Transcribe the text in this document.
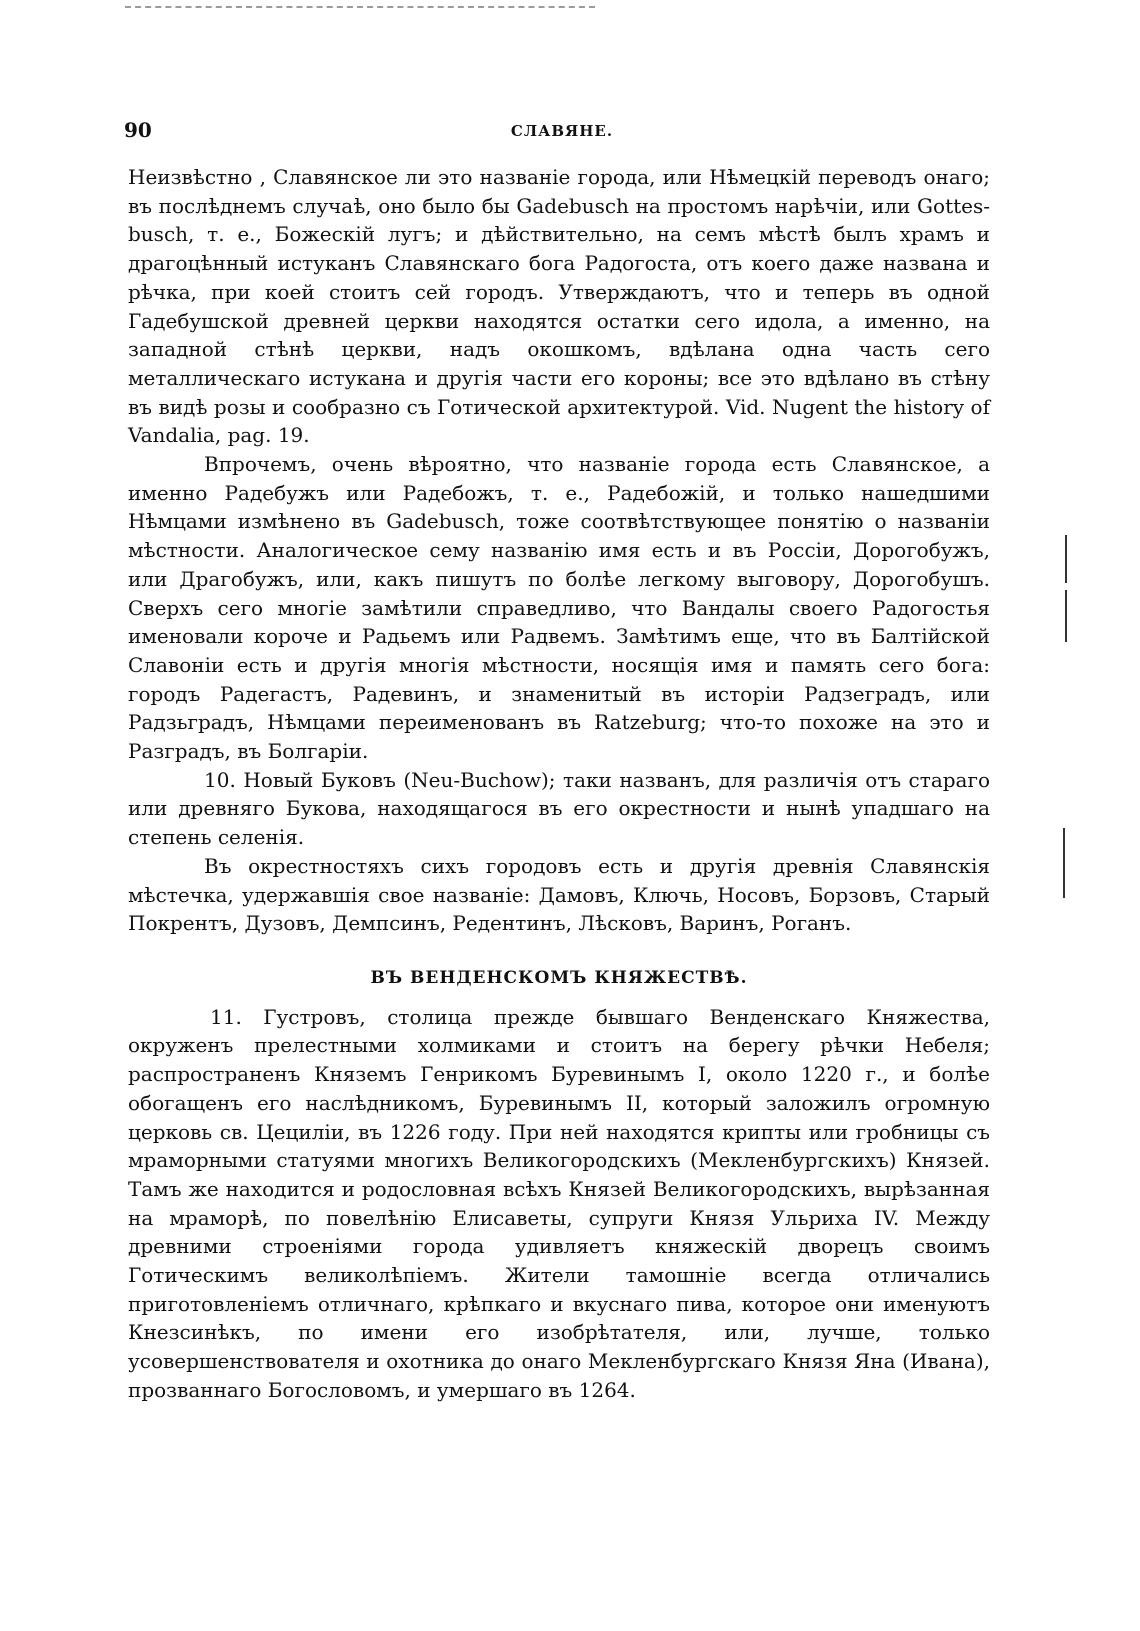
90	СЛАВЯНЕ.

Неизвѣстно , Славянское ли это названіе города, или Нѣмецкій переводъ онаго; въ послѣднемъ случаѣ, оно было бы Gadebusch на простомъ нарѣчіи, или Gottes-busch, т. е., Божескій лугъ; и дѣйствительно, на семъ мѣстѣ былъ храмъ и драгоцѣнный истуканъ Славянскаго бога Радогоста, отъ коего даже названа и рѣчка, при коей стоитъ сей городъ. Утверждаютъ, что и теперь въ одной Гадебушской древней церкви находятся остатки сего идола, а именно, на западной стѣнѣ церкви, надъ окошкомъ, вдѣлана одна часть сего металлическаго истукана и другія части его короны; все это вдѣлано въ стѣну въ видѣ розы и сообразно съ Готической архитектурой. Vid. Nugent the history of Vandalia, pag. 19.

Впрочемъ, очень вѣроятно, что названіе города есть Славянское, а именно Радебужъ или Радебожъ, т. е., Радебожій, и только нашедшими Нѣмцами измѣнено въ Gadebusch, тоже соотвѣтствующее понятію о названіи мѣстности. Аналогическое сему названію имя есть и въ Россіи, Дорогобужъ, или Драгобужъ, или, какъ пишутъ по болѣе легкому выговору, Дорогобушъ. Сверхъ сего многіе замѣтили справедливо, что Вандалы своего Радогостья именовали короче и Радьемъ или Радвемъ. Замѣтимъ еще, что въ Балтійской Славоніи есть и другія многія мѣстности, носящія имя и память сего бога: городъ Радегастъ, Радевинъ, и знаменитый въ исторіи Радзеградъ, или Радзьградъ, Нѣмцами переименованъ въ Ratzeburg; что-то похоже на это и Разградъ, въ Болгаріи.

10. Новый Буковъ (Neu-Buchow); таки названъ, для различія отъ стараго или древняго Букова, находящагося въ его окрестности и нынѣ упадшаго на степень селенія.

Въ окрестностяхъ сихъ городовъ есть и другія древнія Славянскія мѣстечка, удержавшія свое названіе: Дамовъ, Ключь, Носовъ, Борзовъ, Старый Покрентъ, Дузовъ, Демпсинъ, Редентинъ, Лѣсковъ, Варинъ, Роганъ.

ВЪ ВЕНДЕНСКОМЪ КНЯЖЕСТВѢ.

11. Густровъ, столица прежде бывшаго Венденскаго Княжества, окруженъ прелестными холмиками и стоитъ на берегу рѣчки Небеля; распространенъ Княземъ Генрикомъ Буревинымъ I, около 1220 г., и болѣе обогащенъ его наслѣдникомъ, Буревинымъ II, который заложилъ огромную церковь св. Цециліи, въ 1226 году. При ней находятся крипты или гробницы съ мраморными статуями многихъ Великогородскихъ (Мекленбургскихъ) Князей. Тамъ же находится и родословная всѣхъ Князей Великогородскихъ, вырѣзанная на мраморѣ, по повелѣнію Елисаветы, супруги Князя Ульриха IV. Между древними строеніями города удивляетъ княжескій дворецъ своимъ Готическимъ великолѣпіемъ. Жители тамошніе всегда отличались приготовленіемъ отличнаго, крѣпкаго и вкуснаго пива, которое они именуютъ Кнезсинѣкъ, по имени его изобрѣтателя, или, лучше, только усовершенствователя и охотника до онаго Мекленбургскаго Князя Яна (Ивана), прозваннаго Богословомъ, и умершаго въ 1264.
